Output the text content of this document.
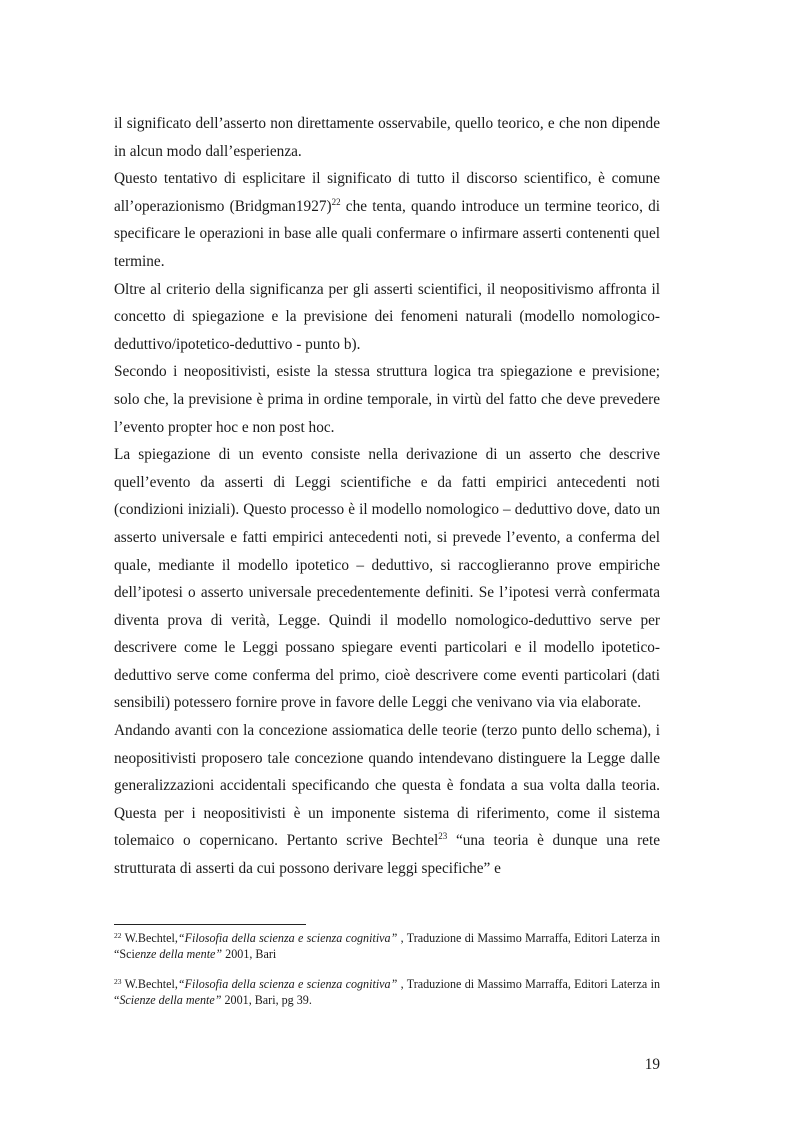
il significato dell’asserto non direttamente osservabile, quello teorico, e che non dipende in alcun modo dall’esperienza.

Questo tentativo di esplicitare il significato di tutto il discorso scientifico, è comune all’operazionismo (Bridgman1927)$^{22}$ che tenta, quando introduce un termine teorico, di specificare le operazioni in base alle quali confermare o infirmare asserti contenenti quel termine.

Oltre al criterio della significanza per gli asserti scientifici, il neopositivismo affronta il concetto di spiegazione e la previsione dei fenomeni naturali (modello nomologico-deduttivo/ipotetico-deduttivo - punto b).

Secondo i neopositivisti, esiste la stessa struttura logica tra spiegazione e previsione; solo che, la previsione è prima in ordine temporale, in virtù del fatto che deve prevedere l’evento propter hoc e non post hoc.

La spiegazione di un evento consiste nella derivazione di un asserto che descrive quell’evento da asserti di Leggi scientifiche e da fatti empirici antecedenti noti (condizioni iniziali). Questo processo è il modello nomologico – deduttivo dove, dato un asserto universale e fatti empirici antecedenti noti, si prevede l’evento, a conferma del quale, mediante il modello ipotetico – deduttivo, si raccoglieranno prove empiriche dell’ipotesi o asserto universale precedentemente definiti. Se l’ipotesi verrà confermata diventa prova di verità, Legge. Quindi il modello nomologico-deduttivo serve per descrivere come le Leggi possano spiegare eventi particolari e il modello ipotetico-deduttivo serve come conferma del primo, cioè descrivere come eventi particolari (dati sensibili) potessero fornire prove in favore delle Leggi che venivano via via elaborate.

Andando avanti con la concezione assiomatica delle teorie (terzo punto dello schema), i neopositivisti proposero tale concezione quando intendevano distinguere la Legge dalle generalizzazioni accidentali specificando che questa è fondata a sua volta dalla teoria. Questa per i neopositivisti è un imponente sistema di riferimento, come il sistema tolemaico o copernicano. Pertanto scrive Bechtel$^{23}$ “una teoria è dunque una rete strutturata di asserti da cui possono derivare leggi specifiche” e

$^{22}$ W.Bechtel,“Filosofia della scienza e scienza cognitiva” , Traduzione di Massimo Marraffa, Editori Laterza in “Scienze della mente” 2001, Bari

$^{23}$ W.Bechtel,“Filosofia della scienza e scienza cognitiva” , Traduzione di Massimo Marraffa, Editori Laterza in “Scienze della mente” 2001, Bari, pg 39.

19
